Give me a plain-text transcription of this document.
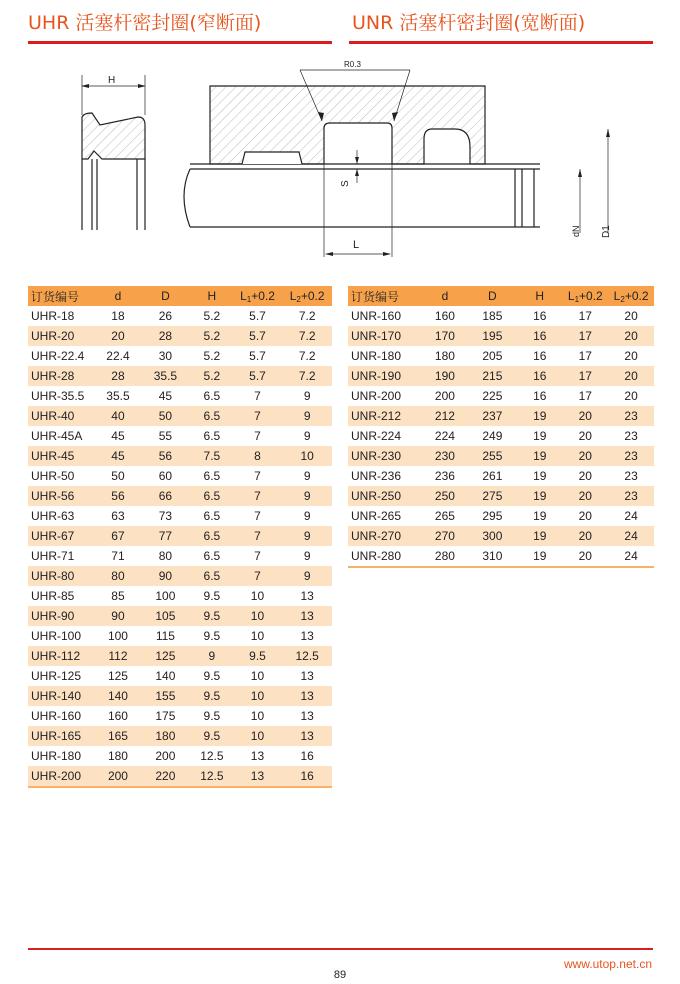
UHR 活塞杆密封圈(窄断面)	UNR 活塞杆密封圈(宽断面)
H
R0.3
S
L
dN D1
订货编号	d	D	H	$L_1+0.2$	$L_2+0.2$
UHR-18	18	26	5.2	5.7	7.2
UHR-20	20	28	5.2	5.7	7.2
UHR-22.4	22.4	30	5.2	5.7	7.2
UHR-28	28	35.5	5.2	5.7	7.2
UHR-35.5	35.5	45	6.5	7	9
UHR-40	40	50	6.5	7	9
UHR-45A	45	55	6.5	7	9
UHR-45	45	56	7.5	8	10
UHR-50	50	60	6.5	7	9
UHR-56	56	66	6.5	7	9
UHR-63	63	73	6.5	7	9
UHR-67	67	77	6.5	7	9
UHR-71	71	80	6.5	7	9
UHR-80	80	90	6.5	7	9
UHR-85	85	100	9.5	10	13
UHR-90	90	105	9.5	10	13
UHR-100	100	115	9.5	10	13
UHR-112	112	125	9	9.5	12.5
UHR-125	125	140	9.5	10	13
UHR-140	140	155	9.5	10	13
UHR-160	160	175	9.5	10	13
UHR-165	165	180	9.5	10	13
UHR-180	180	200	12.5	13	16
UHR-200	200	220	12.5	13	16
订货编号	d	D	H	$L_1+0.2$	$L_2+0.2$
UNR-160	160	185	16	17	20
UNR-170	170	195	16	17	20
UNR-180	180	205	16	17	20
UNR-190	190	215	16	17	20
UNR-200	200	225	16	17	20
UNR-212	212	237	19	20	23
UNR-224	224	249	19	20	23
UNR-230	230	255	19	20	23
UNR-236	236	261	19	20	23
UNR-250	250	275	19	20	23
UNR-265	265	295	19	20	24
UNR-270	270	300	19	20	24
UNR-280	280	310	19	20	24
www.utop.net.cn
89
